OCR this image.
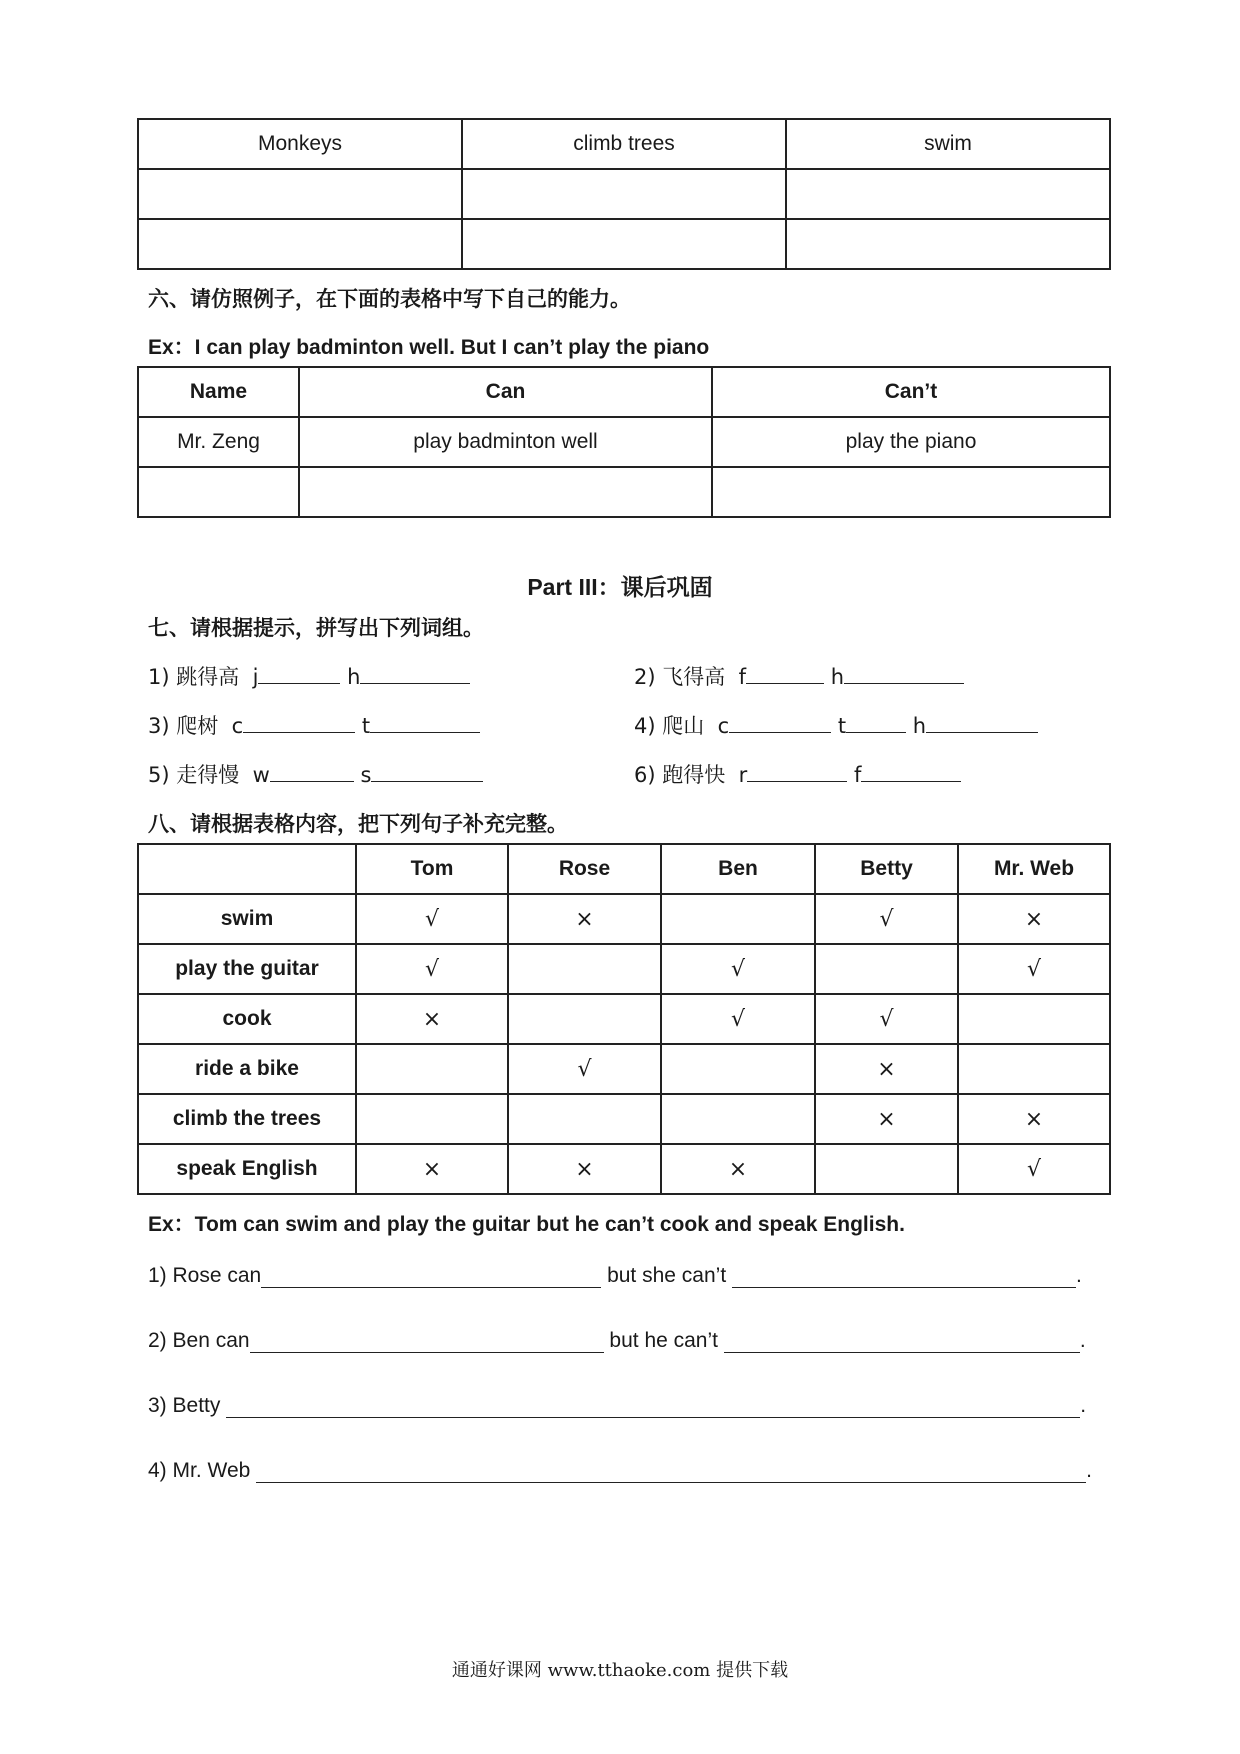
Monkeys	climb trees	swim

六、请仿照例子，在下面的表格中写下自己的能力。
Ex：I can play badminton well. But I can’t play the piano
Name	Can	Can’t
Mr. Zeng	play badminton well	play the piano

Part III：课后巩固
七、请根据提示，拼写出下列词组。
1) 跳得高 j	h	2) 飞得高 f	h
3) 爬树 c	t	4) 爬山 c	t	h
5) 走得慢 w	s	6) 跑得快 r	f
八、请根据表格内容，把下列句子补充完整。
	Tom	Rose	Ben	Betty	Mr. Web
swim	√	×		√	×
play the guitar	√		√		√
cook	×		√	√	
ride a bike		√		×	
climb the trees				×	×
speak English	×	×	×		√
Ex：Tom can swim and play the guitar but he can’t cook and speak English.
1) Rose can	but she can’t	.
2) Ben can	but he can’t	.
3) Betty	.
4) Mr. Web	.
通通好课网 www.tthaoke.com 提供下载
